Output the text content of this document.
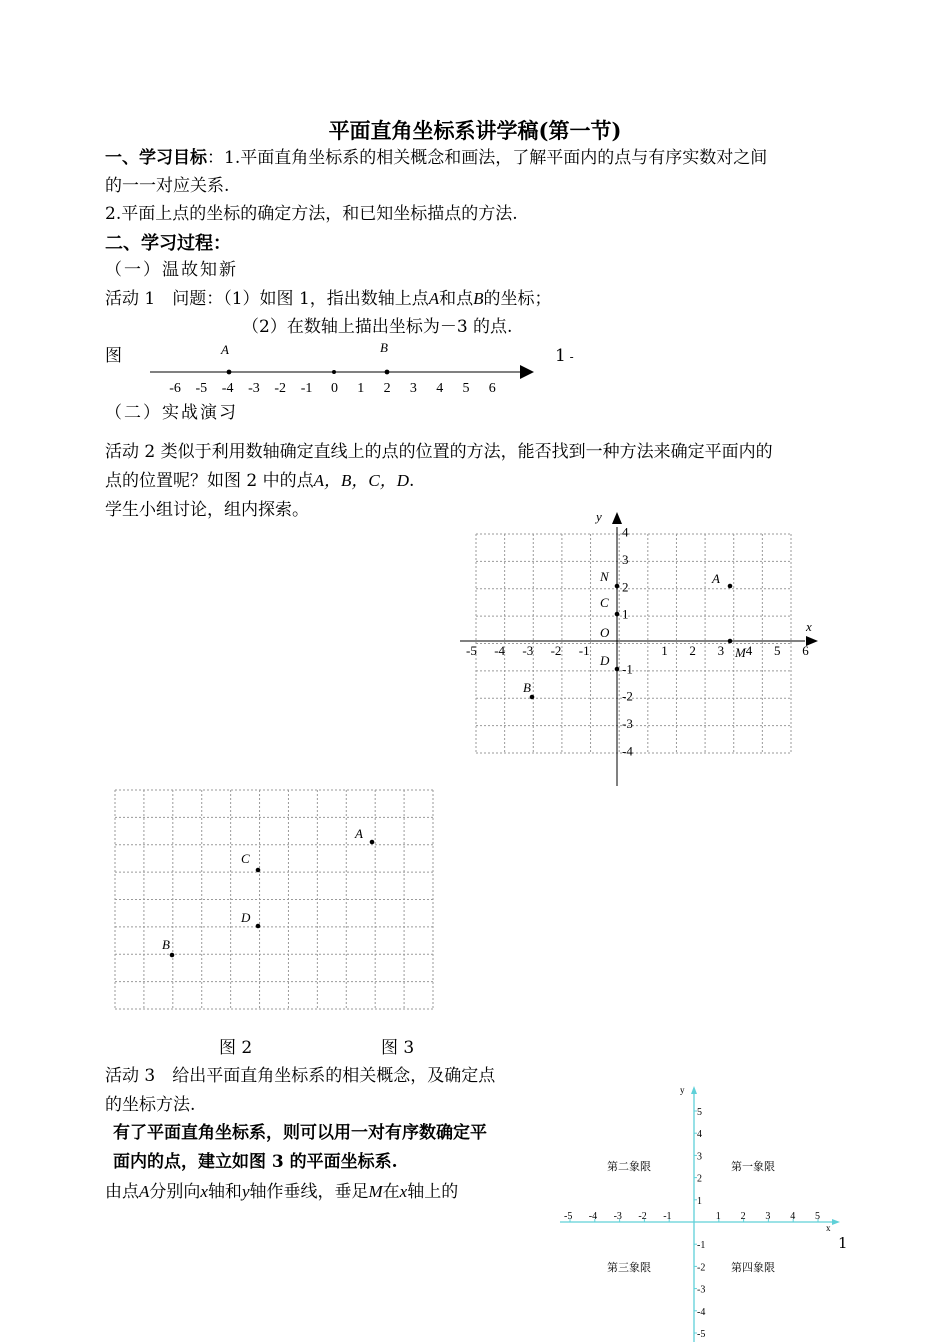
平面直角坐标系讲学稿(第一节)
一、学习目标：1.平面直角坐标系的相关概念和画法，了解平面内的点与有序实数对之间
的一一对应关系.
2.平面上点的坐标的确定方法，和已知坐标描点的方法.
二、学习过程：
（一）温故知新
活动 1　问题：（1）如图 1，指出数轴上点A和点B的坐标；
（2）在数轴上描出坐标为－3 的点.
图	1 -
-6 -5 -4 -3 -2 -1 0 1 2 3 4 5 6
A	B
（二）实战演习
活动 2 类似于利用数轴确定直线上的点的位置的方法，能否找到一种方法来确定平面内的
点的位置呢？如图 2 中的点A，B，C，D.
学生小组讨论，组内探索。
-5 -4 -3 -2 -1	1 2 3 4 5 6
4
3
2
1
-1
-2
-3
-4
x
y
O
A
B
C
D
N
M
A
C
D
B
图 2	图 3
活动 3　给出平面直角坐标系的相关概念，及确定点
的坐标方法.
有了平面直角坐标系，则可以用一对有序数确定平
面内的点，建立如图 3 的平面坐标系.
由点A分别向x轴和y轴作垂线，垂足M在x轴上的
1
-5 -4 -3 -2 -1	1 2 3 4 5
5
4
3
2
1
-1
-2
-3
-4
-5
x
y
第二象限	第一象限
第三象限	第四象限
